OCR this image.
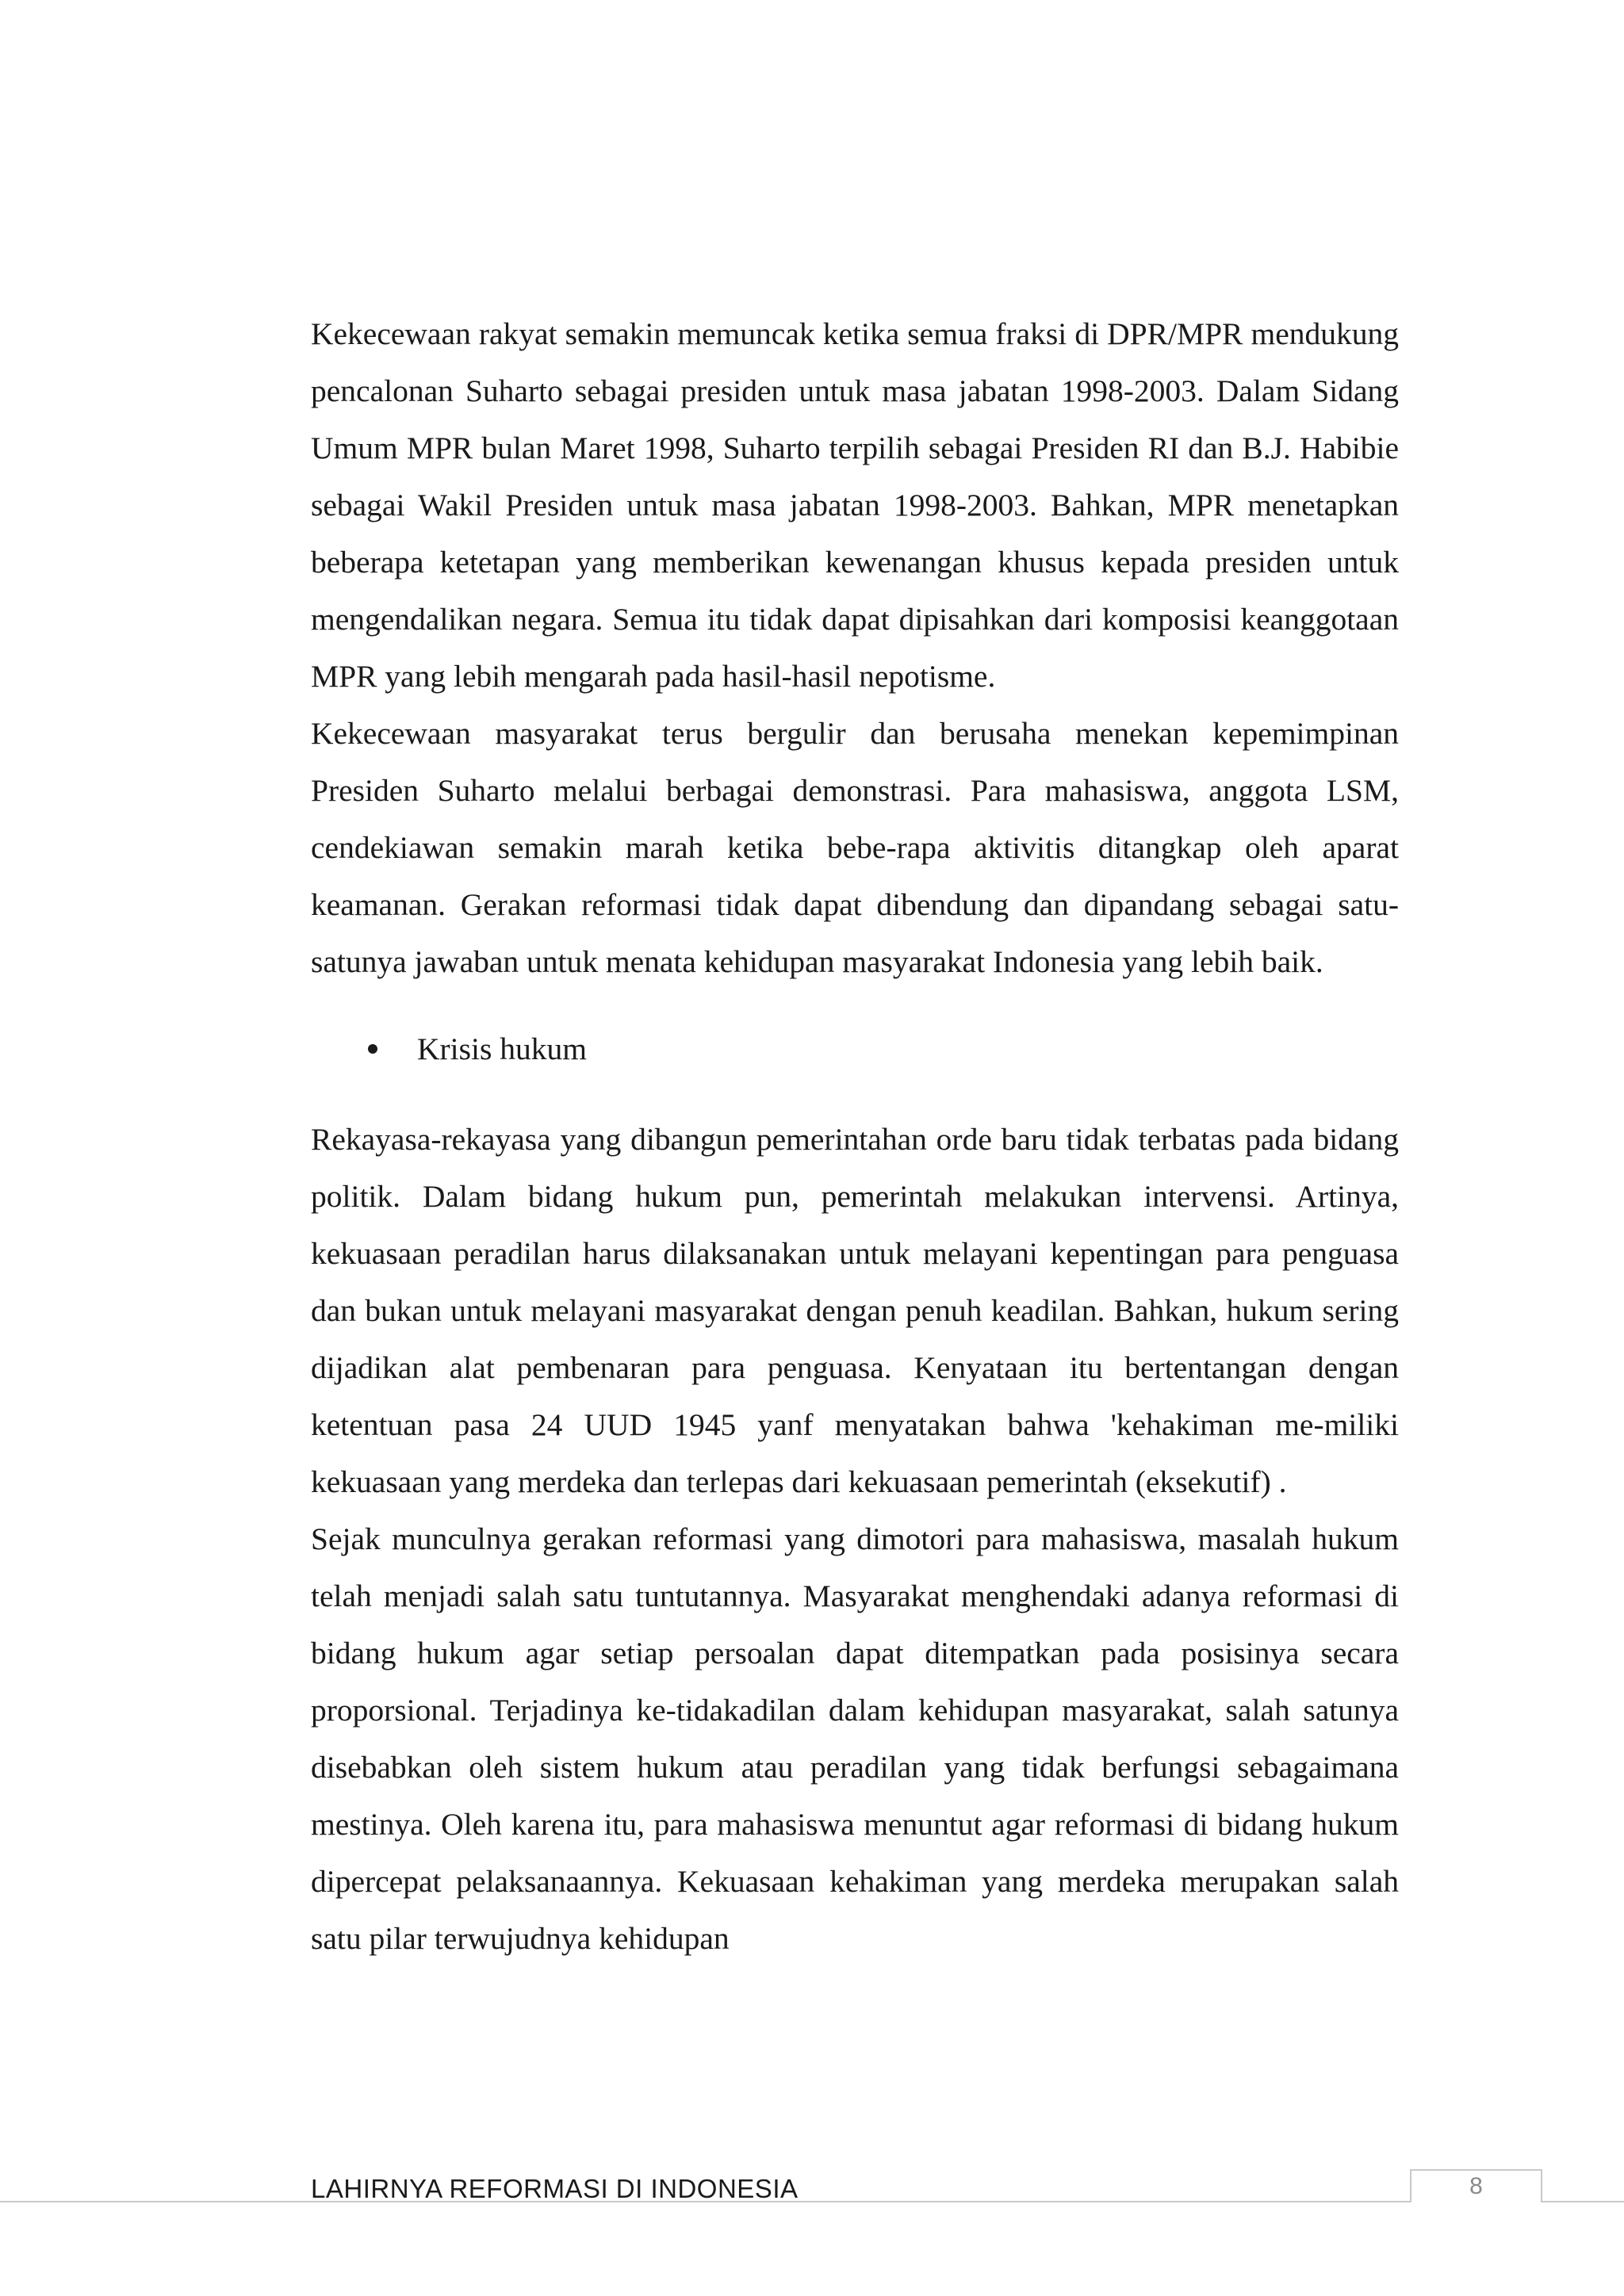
Kekecewaan rakyat semakin memuncak ketika semua fraksi di DPR/MPR mendukung pencalonan Suharto sebagai presiden untuk masa jabatan 1998-2003. Dalam Sidang Umum MPR bulan Maret 1998, Suharto terpilih sebagai Presiden RI dan B.J. Habibie sebagai Wakil Presiden untuk masa jabatan 1998-2003. Bahkan, MPR menetapkan beberapa ketetapan yang memberikan kewenangan khusus kepada presiden untuk mengendalikan negara. Semua itu tidak dapat dipisahkan dari komposisi keanggotaan MPR yang lebih mengarah pada hasil-hasil nepotisme.

Kekecewaan masyarakat terus bergulir dan berusaha menekan kepemimpinan Presiden Suharto melalui berbagai demonstrasi. Para mahasiswa, anggota LSM, cendekiawan semakin marah ketika bebe-rapa aktivitis ditangkap oleh aparat keamanan. Gerakan reformasi tidak dapat dibendung dan dipandang sebagai satu-satunya jawaban untuk menata kehidupan masyarakat Indonesia yang lebih baik.

Krisis hukum

Rekayasa-rekayasa yang dibangun pemerintahan orde baru tidak terbatas pada bidang politik. Dalam bidang hukum pun, pemerintah melakukan intervensi. Artinya, kekuasaan peradilan harus dilaksanakan untuk melayani kepentingan para penguasa dan bukan untuk melayani masyarakat dengan penuh keadilan. Bahkan, hukum sering dijadikan alat pembenaran para penguasa. Kenyataan itu bertentangan dengan ketentuan pasa 24 UUD 1945 yanf menyatakan bahwa 'kehakiman me-miliki kekuasaan yang merdeka dan terlepas dari kekuasaan pemerintah (eksekutif) .

Sejak munculnya gerakan reformasi yang dimotori para mahasiswa, masalah hukum telah menjadi salah satu tuntutannya. Masyarakat menghendaki adanya reformasi di bidang hukum agar setiap persoalan dapat ditempatkan pada posisinya secara proporsional. Terjadinya ke-tidakadilan dalam kehidupan masyarakat, salah satunya disebabkan oleh sistem hukum atau peradilan yang tidak berfungsi sebagaimana mestinya. Oleh karena itu, para mahasiswa menuntut agar reformasi di bidang hukum dipercepat pelaksanaannya. Kekuasaan kehakiman yang merdeka merupakan salah satu pilar terwujudnya kehidupan

LAHIRNYA REFORMASI DI INDONESIA	8
